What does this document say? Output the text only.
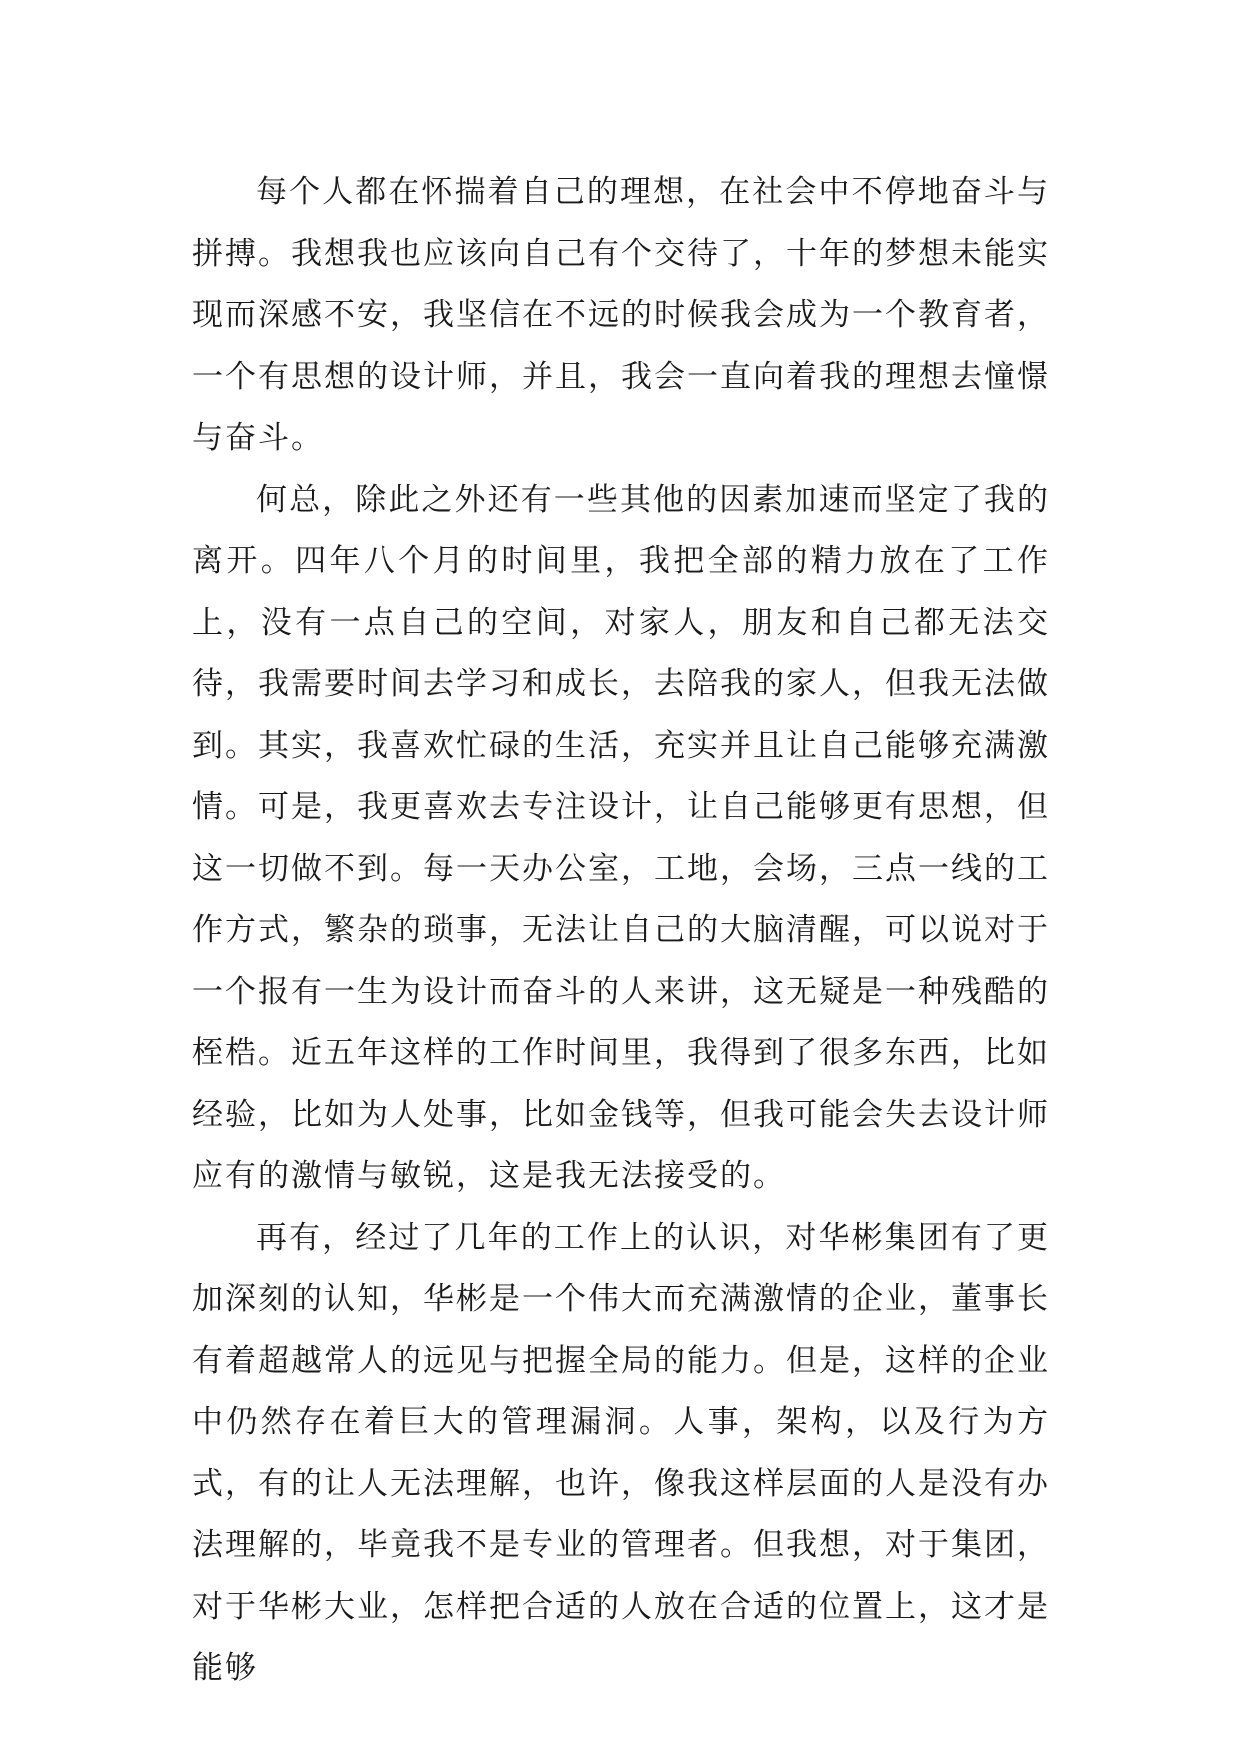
每个人都在怀揣着自己的理想，在社会中不停地奋斗与拼搏。我想我也应该向自己有个交待了，十年的梦想未能实现而深感不安，我坚信在不远的时候我会成为一个教育者，一个有思想的设计师，并且，我会一直向着我的理想去憧憬与奋斗。

何总，除此之外还有一些其他的因素加速而坚定了我的离开。四年八个月的时间里，我把全部的精力放在了工作上，没有一点自己的空间，对家人，朋友和自己都无法交待，我需要时间去学习和成长，去陪我的家人，但我无法做到。其实，我喜欢忙碌的生活，充实并且让自己能够充满激情。可是，我更喜欢去专注设计，让自己能够更有思想，但这一切做不到。每一天办公室，工地，会场，三点一线的工作方式，繁杂的琐事，无法让自己的大脑清醒，可以说对于一个报有一生为设计而奋斗的人来讲，这无疑是一种残酷的桎梏。近五年这样的工作时间里，我得到了很多东西，比如经验，比如为人处事，比如金钱等，但我可能会失去设计师应有的激情与敏锐，这是我无法接受的。

再有，经过了几年的工作上的认识，对华彬集团有了更加深刻的认知，华彬是一个伟大而充满激情的企业，董事长有着超越常人的远见与把握全局的能力。但是，这样的企业中仍然存在着巨大的管理漏洞。人事，架构，以及行为方式，有的让人无法理解，也许，像我这样层面的人是没有办法理解的，毕竟我不是专业的管理者。但我想，对于集团，对于华彬大业，怎样把合适的人放在合适的位置上，这才是能够
